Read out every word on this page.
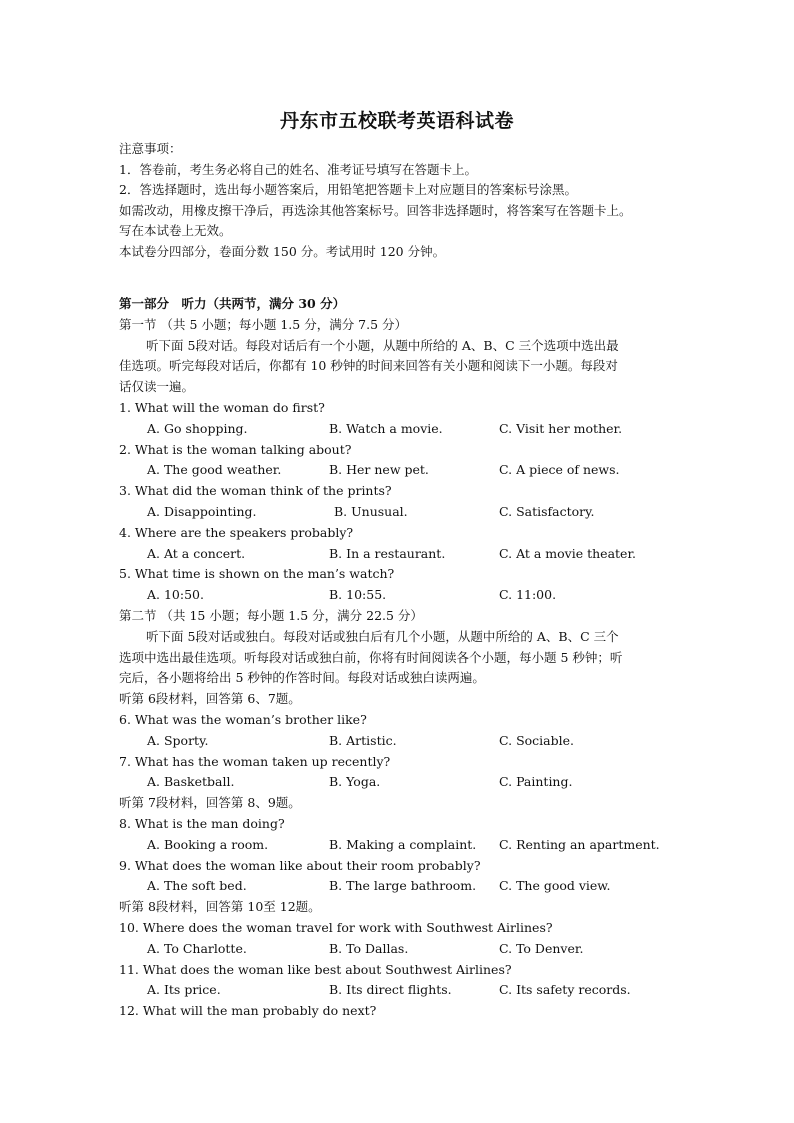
丹东市五校联考英语科试卷
注意事项：
1．答卷前，考生务必将自己的姓名、准考证号填写在答题卡上。
2．答选择题时，选出每小题答案后，用铅笔把答题卡上对应题目的答案标号涂黑。
如需改动，用橡皮擦干净后，再选涂其他答案标号。回答非选择题时，将答案写在答题卡上。
写在本试卷上无效。
本试卷分四部分，卷面分数 150 分。考试用时 120 分钟。
第一部分　听力（共两节，满分 30 分）
第一节 （共 5 小题；每小题 1.5 分，满分 7.5 分）
听下面 5段对话。每段对话后有一个小题，从题中所给的 A、B、C 三个选项中选出最
佳选项。听完每段对话后，你都有 10 秒钟的时间来回答有关小题和阅读下一小题。每段对
话仅读一遍。
1. What will the woman do first?
A. Go shopping.	B. Watch a movie.	C. Visit her mother.
2. What is the woman talking about?
A. The good weather.	B. Her new pet.	C. A piece of news.
3. What did the woman think of the prints?
A. Disappointing.	B. Unusual.	C. Satisfactory.
4. Where are the speakers probably?
A. At a concert.	B. In a restaurant.	C. At a movie theater.
5. What time is shown on the man’s watch?
A. 10:50.	B. 10:55.	C. 11:00.
第二节 （共 15 小题；每小题 1.5 分，满分 22.5 分）
听下面 5段对话或独白。每段对话或独白后有几个小题，从题中所给的 A、B、C 三个
选项中选出最佳选项。听每段对话或独白前，你将有时间阅读各个小题，每小题 5 秒钟；听
完后，各小题将给出 5 秒钟的作答时间。每段对话或独白读两遍。
听第 6段材料，回答第 6、7题。
6. What was the woman’s brother like?
A. Sporty.	B. Artistic.	C. Sociable.
7. What has the woman taken up recently?
A. Basketball.	B. Yoga.	C. Painting.
听第 7段材料，回答第 8、9题。
8. What is the man doing?
A. Booking a room.	B. Making a complaint. C. Renting an apartment.
9. What does the woman like about their room probably?
A. The soft bed.	B. The large bathroom. C. The good view.
听第 8段材料，回答第 10至 12题。
10. Where does the woman travel for work with Southwest Airlines?
A. To Charlotte.	B. To Dallas.	C. To Denver.
11. What does the woman like best about Southwest Airlines?
A. Its price.	B. Its direct flights.	C. Its safety records.
12. What will the man probably do next?
